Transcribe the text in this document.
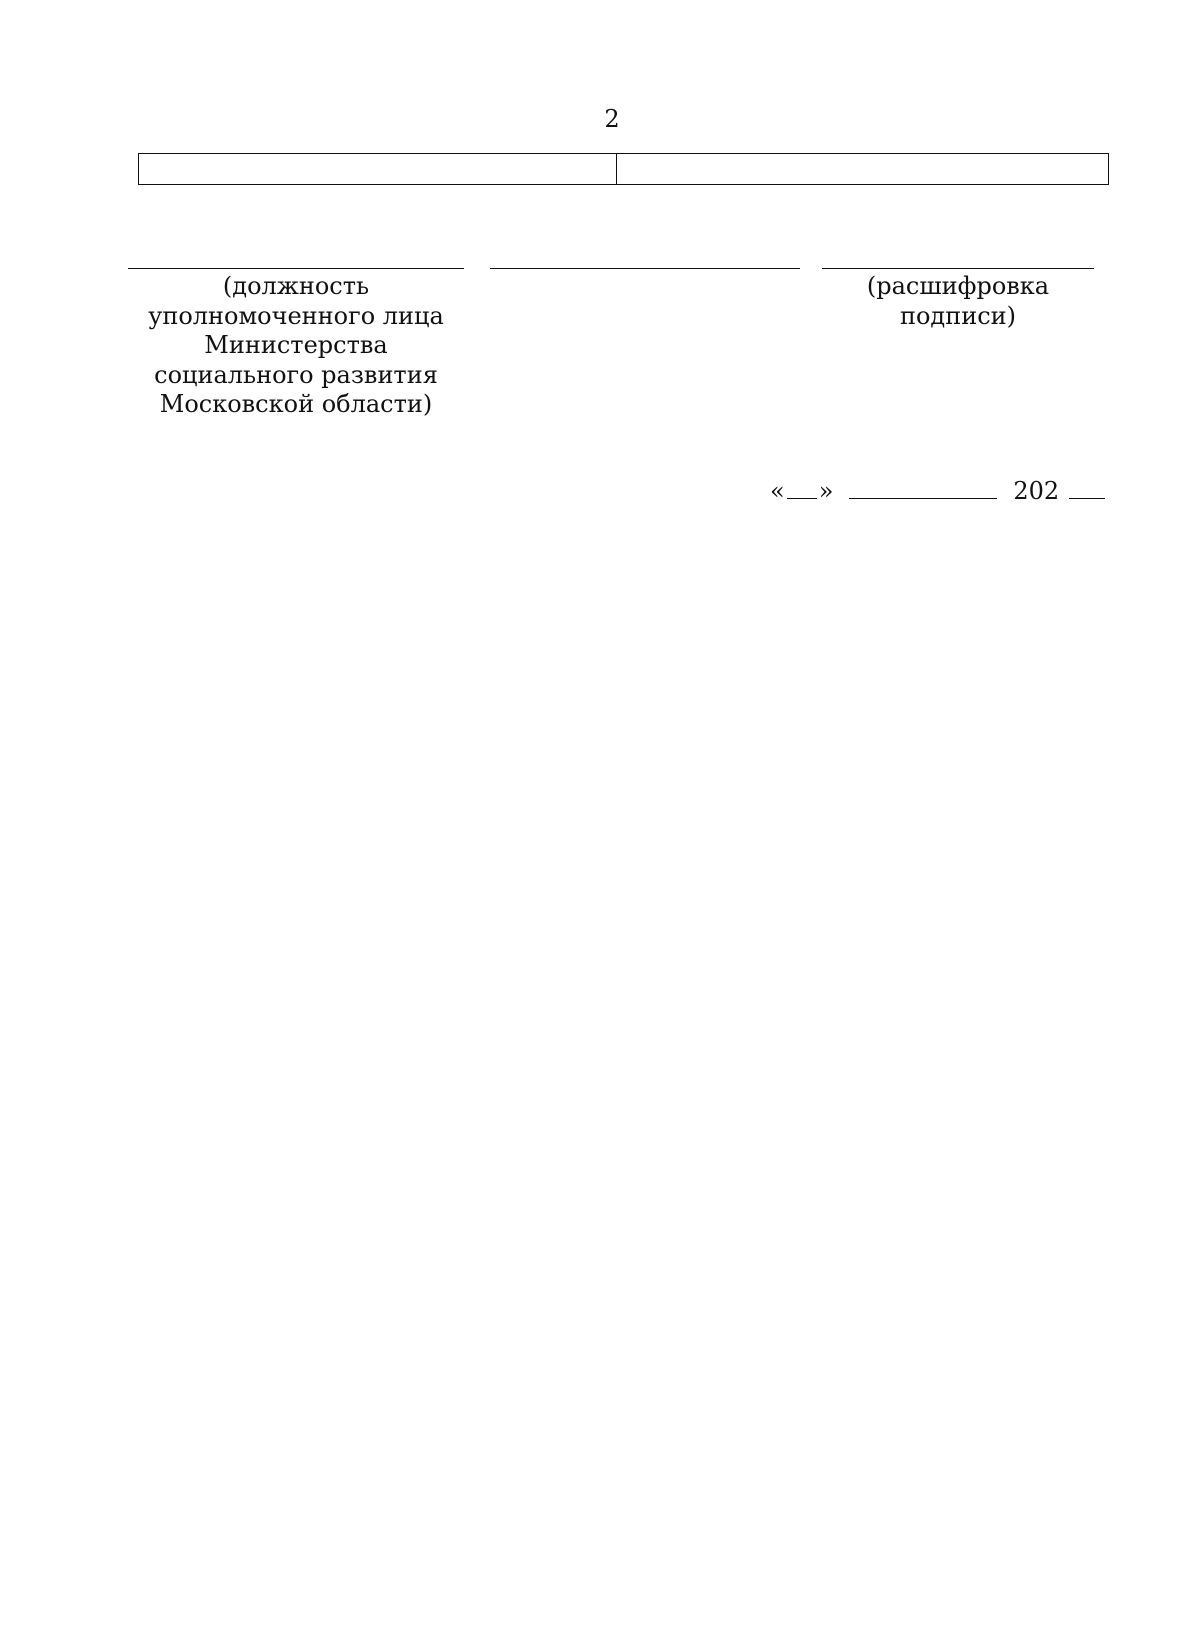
2

(должность уполномоченного лица Министерства социального развития Московской области)
(расшифровка подписи)
« »	202
